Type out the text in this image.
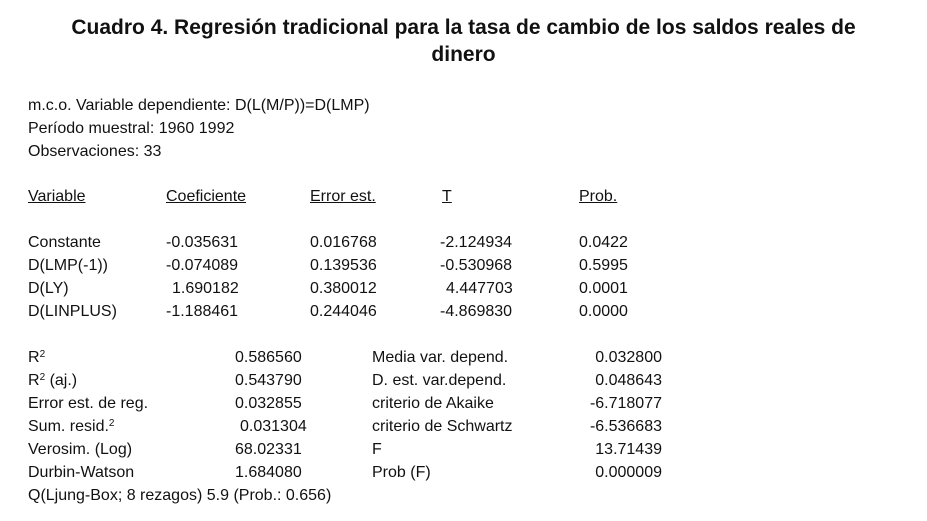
Cuadro 4. Regresión tradicional para la tasa de cambio de los saldos reales de
dinero
m.c.o. Variable dependiente: D(L(M/P))=D(LMP)
Período muestral: 1960 1992
Observaciones: 33
Variable	Coeficiente	Error est.	T	Prob.
Constante	-0.035631	0.016768	-2.124934	0.0422
D(LMP(-1))	-0.074089	0.139536	-0.530968	0.5995
D(LY)	1.690182	0.380012	4.447703	0.0001
D(LINPLUS)	-1.188461	0.244046	-4.869830	0.0000
$R^2$	0.586560	Media var. depend.	0.032800
$R^2$ (aj.)	0.543790	D. est. var.depend.	0.048643
Error est. de reg.	0.032855	criterio de Akaike	-6.718077
Sum. resid.$^2$	0.031304	criterio de Schwartz	-6.536683
Verosim. (Log)	68.02331	F	13.71439
Durbin-Watson	1.684080	Prob (F)	0.000009
Q(Ljung-Box; 8 rezagos) 5.9 (Prob.: 0.656)
